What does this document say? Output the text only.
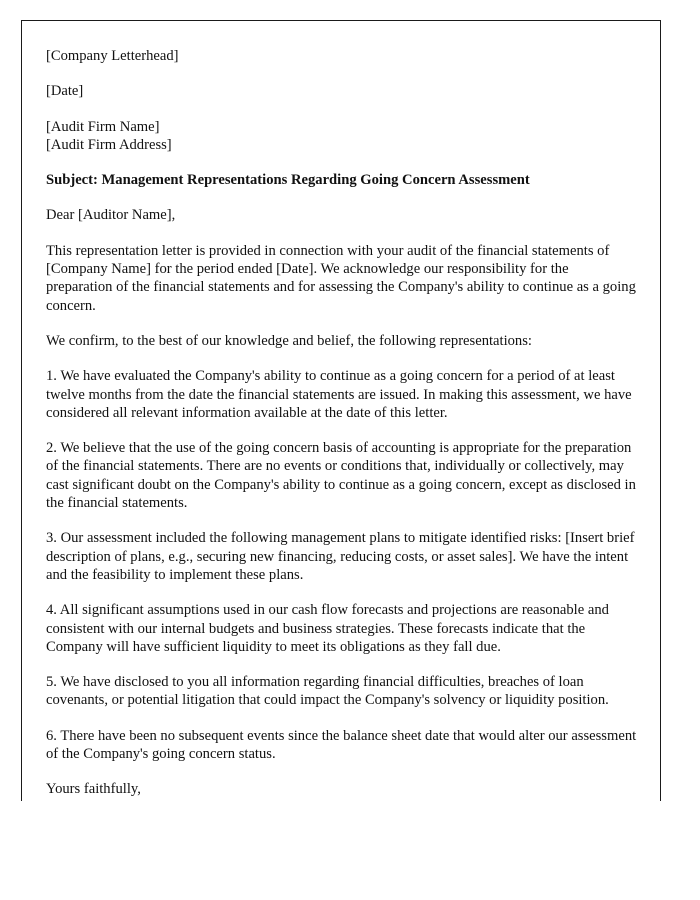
[Company Letterhead]
[Date]
[Audit Firm Name]
[Audit Firm Address]
Subject: Management Representations Regarding Going Concern Assessment
Dear [Auditor Name],
This representation letter is provided in connection with your audit of the financial statements of [Company Name] for the period ended [Date]. We acknowledge our responsibility for the preparation of the financial statements and for assessing the Company's ability to continue as a going concern.
We confirm, to the best of our knowledge and belief, the following representations:
1. We have evaluated the Company's ability to continue as a going concern for a period of at least twelve months from the date the financial statements are issued. In making this assessment, we have considered all relevant information available at the date of this letter.
2. We believe that the use of the going concern basis of accounting is appropriate for the preparation of the financial statements. There are no events or conditions that, individually or collectively, may cast significant doubt on the Company's ability to continue as a going concern, except as disclosed in the financial statements.
3. Our assessment included the following management plans to mitigate identified risks: [Insert brief description of plans, e.g., securing new financing, reducing costs, or asset sales]. We have the intent and the feasibility to implement these plans.
4. All significant assumptions used in our cash flow forecasts and projections are reasonable and consistent with our internal budgets and business strategies. These forecasts indicate that the Company will have sufficient liquidity to meet its obligations as they fall due.
5. We have disclosed to you all information regarding financial difficulties, breaches of loan covenants, or potential litigation that could impact the Company's solvency or liquidity position.
6. There have been no subsequent events since the balance sheet date that would alter our assessment of the Company's going concern status.
Yours faithfully,
